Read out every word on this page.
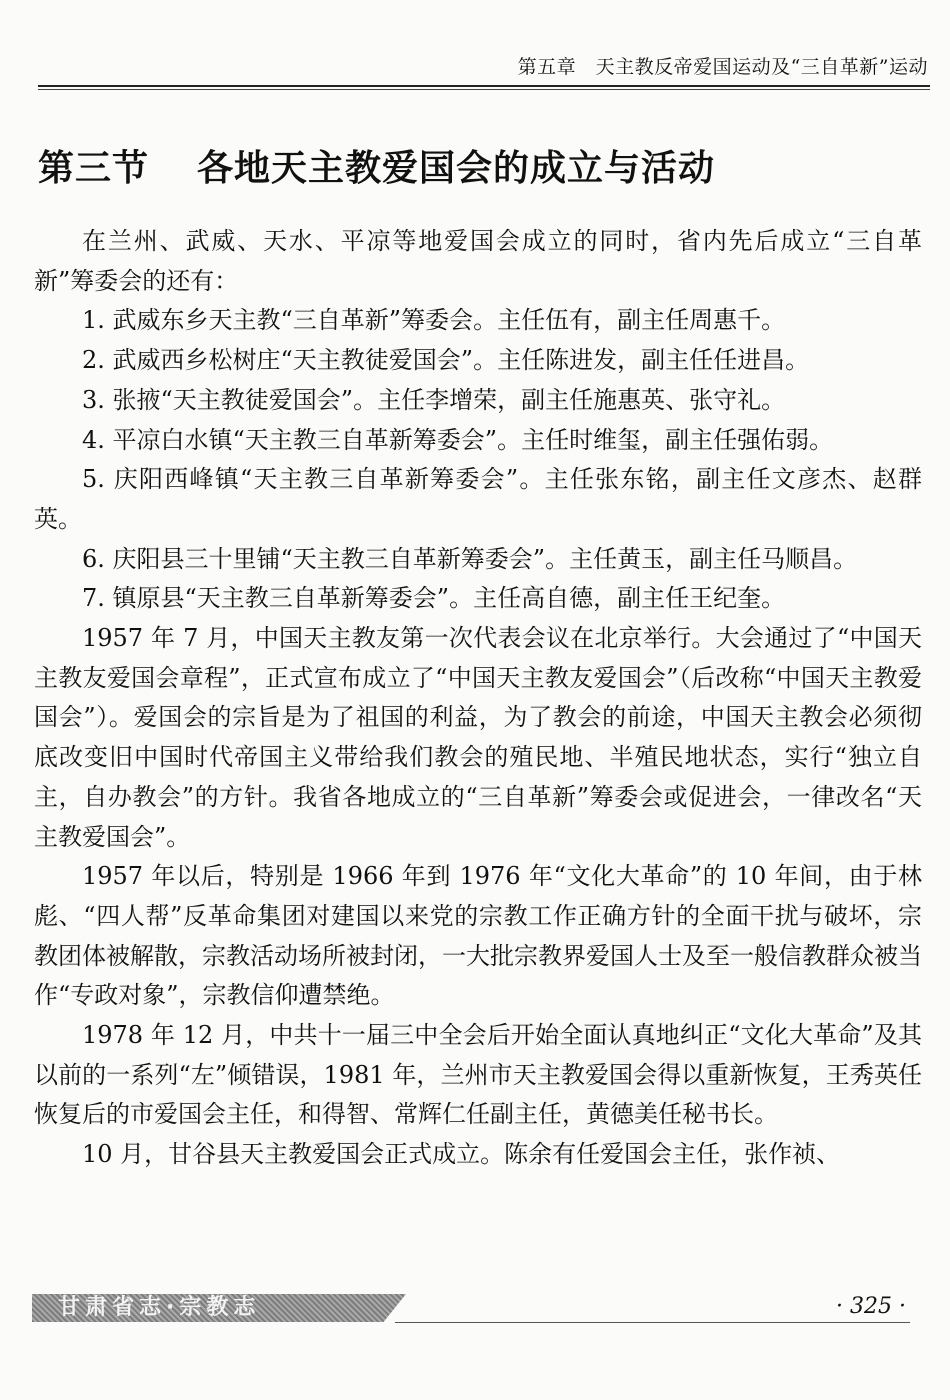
第五章　天主教反帝爱国运动及“三自革新”运动
第三节 各地天主教爱国会的成立与活动

在兰州、武威、天水、平凉等地爱国会成立的同时，省内先后成立“三自革新”筹委会的还有：

1. 武威东乡天主教“三自革新”筹委会。主任伍有，副主任周惠千。

2. 武威西乡松树庄“天主教徒爱国会”。主任陈进发，副主任任进昌。

3. 张掖“天主教徒爱国会”。主任李增荣，副主任施惠英、张守礼。

4. 平凉白水镇“天主教三自革新筹委会”。主任时维玺，副主任强佑弱。

5. 庆阳西峰镇“天主教三自革新筹委会”。主任张东铭，副主任文彦杰、赵群英。

6. 庆阳县三十里铺“天主教三自革新筹委会”。主任黄玉，副主任马顺昌。

7. 镇原县“天主教三自革新筹委会”。主任高自德，副主任王纪奎。

1957 年 7 月，中国天主教友第一次代表会议在北京举行。大会通过了“中国天主教友爱国会章程”，正式宣布成立了“中国天主教友爱国会”（后改称“中国天主教爱国会”）。爱国会的宗旨是为了祖国的利益，为了教会的前途，中国天主教会必须彻底改变旧中国时代帝国主义带给我们教会的殖民地、半殖民地状态，实行“独立自主，自办教会”的方针。我省各地成立的“三自革新”筹委会或促进会，一律改名“天主教爱国会”。

1957 年以后，特别是 1966 年到 1976 年“文化大革命”的 10 年间，由于林彪、“四人帮”反革命集团对建国以来党的宗教工作正确方针的全面干扰与破坏，宗教团体被解散，宗教活动场所被封闭，一大批宗教界爱国人士及至一般信教群众被当作“专政对象”，宗教信仰遭禁绝。

1978 年 12 月，中共十一届三中全会后开始全面认真地纠正“文化大革命”及其以前的一系列“左”倾错误，1981 年，兰州市天主教爱国会得以重新恢复，王秀英任恢复后的市爱国会主任，和得智、常辉仁任副主任，黄德美任秘书长。

10 月，甘谷县天主教爱国会正式成立。陈余有任爱国会主任，张作祯、

甘肃省志·宗教志	· 325 ·
